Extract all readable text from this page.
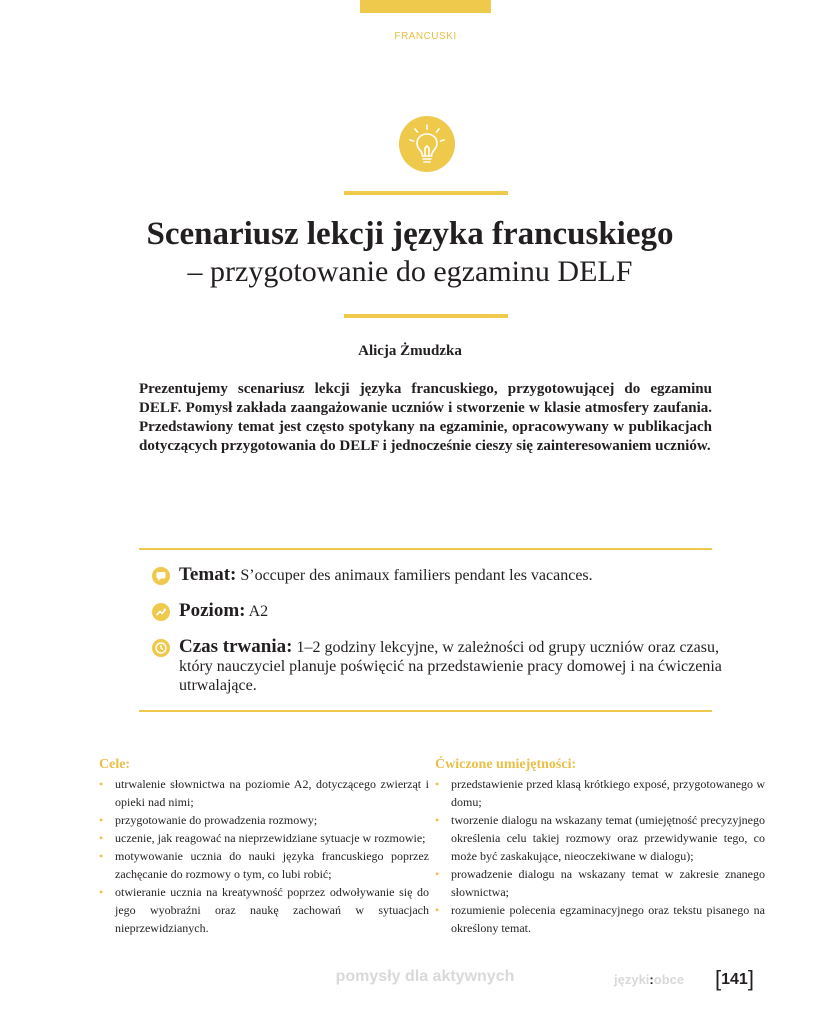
FRANCUSKI
Scenariusz lekcji języka francuskiego
– przygotowanie do egzaminu DELF
Alicja Żmudzka
Prezentujemy scenariusz lekcji języka francuskiego, przygotowującej do egzaminu DELF. Pomysł zakłada zaangażowanie uczniów i stworzenie w klasie atmosfery zaufania. Przedstawiony temat jest często spotykany na egzaminie, opracowywany w publikacjach dotyczących przygotowania do DELF i jednocześnie cieszy się zainteresowaniem uczniów.
Temat: S’occuper des animaux familiers pendant les vacances.
Poziom: A2
Czas trwania: 1–2 godziny lekcyjne, w zależności od grupy uczniów oraz czasu, który nauczyciel planuje poświęcić na przedstawienie pracy domowej i na ćwiczenia utrwalające.
Cele:
• utrwalenie słownictwa na poziomie A2, dotyczącego zwierząt i opieki nad nimi;
• przygotowanie do prowadzenia rozmowy;
• uczenie, jak reagować na nieprzewidziane sytuacje w rozmowie;
• motywowanie ucznia do nauki języka francuskiego poprzez zachęcanie do rozmowy o tym, co lubi robić;
• otwieranie ucznia na kreatywność poprzez odwoływanie się do jego wyobraźni oraz naukę zachowań w sytuacjach nieprzewidzianych.
Ćwiczone umiejętności:
• przedstawienie przed klasą krótkiego exposé, przygotowanego w domu;
• tworzenie dialogu na wskazany temat (umiejętność precyzyjnego określenia celu takiej rozmowy oraz przewidywanie tego, co może być zaskakujące, nieoczekiwane w dialogu);
• prowadzenie dialogu na wskazany temat w zakresie znanego słownictwa;
• rozumienie polecenia egzaminacyjnego oraz tekstu pisanego na określony temat.
pomysły dla aktywnych	języki:obce [141]
